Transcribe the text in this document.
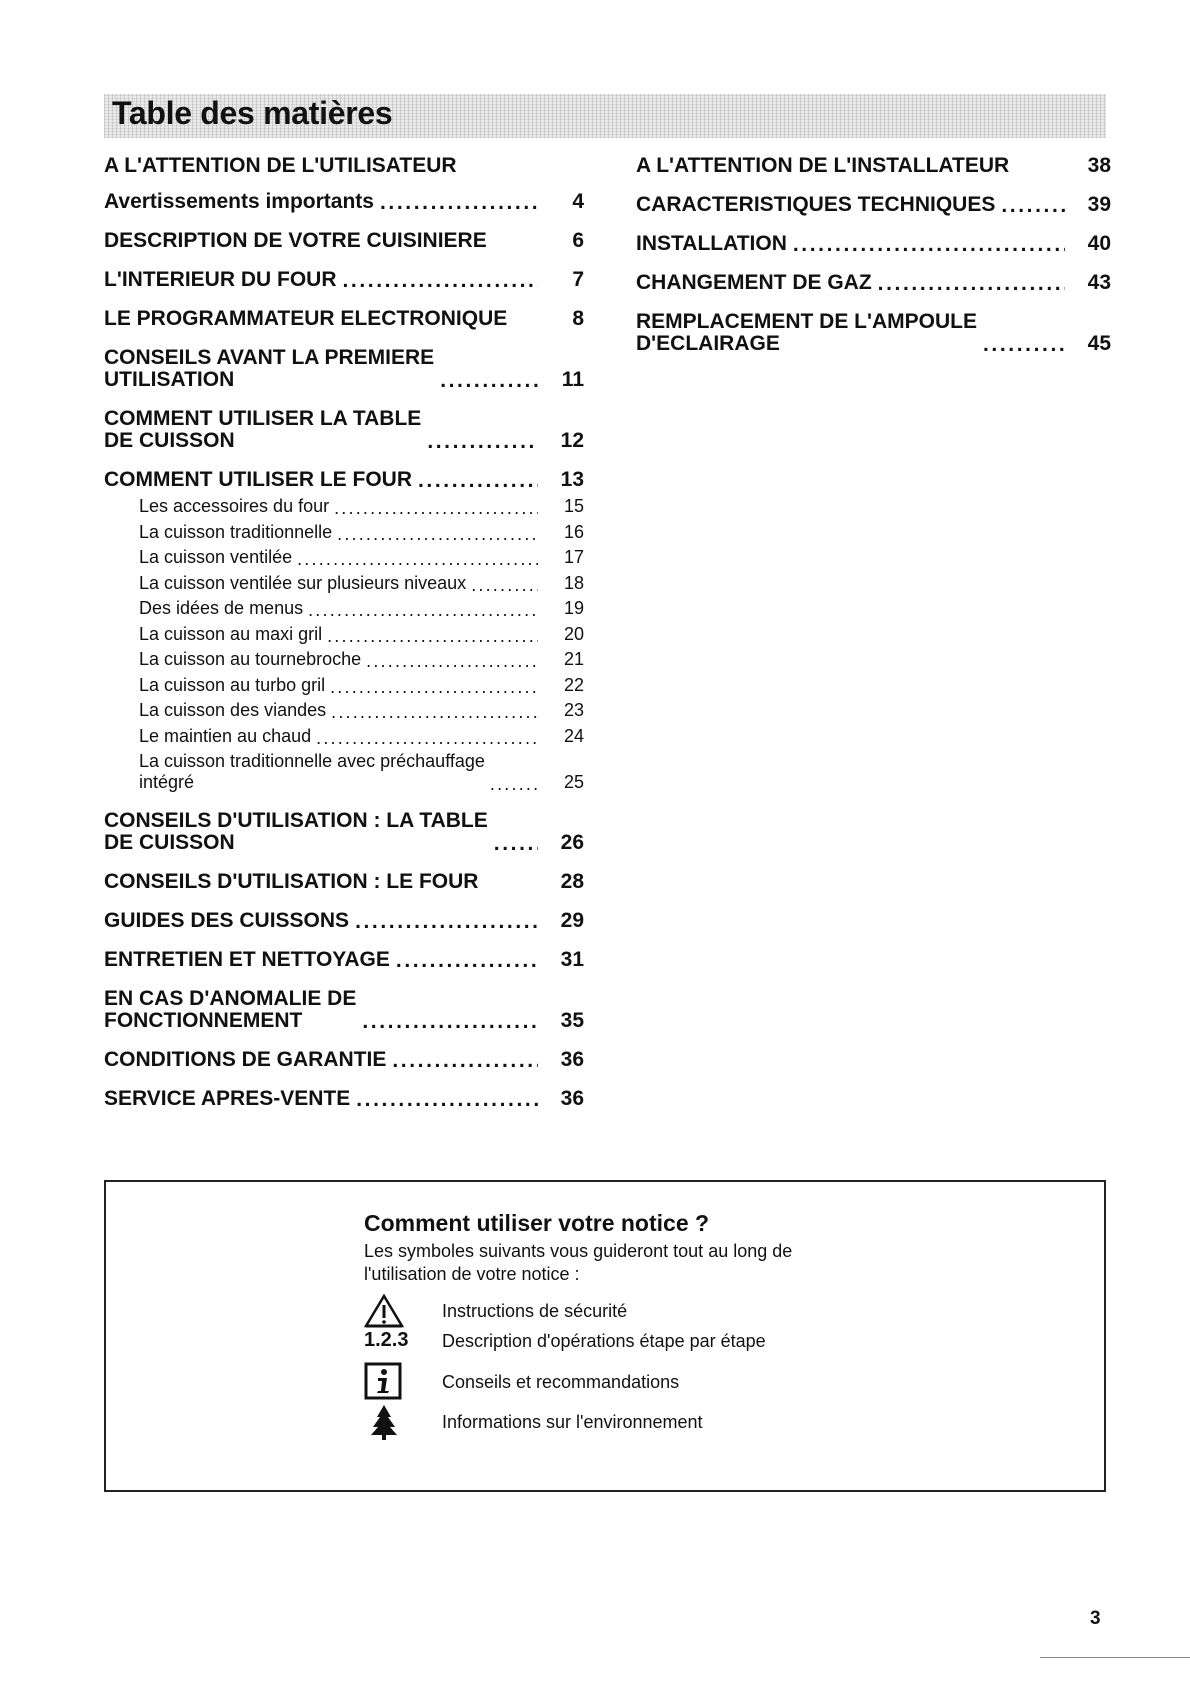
Table des matières
A L'ATTENTION DE L'UTILISATEUR
Avertissements importants .....	4
DESCRIPTION DE VOTRE CUISINIERE	6
L'INTERIEUR DU FOUR .....	7
LE PROGRAMMATEUR ELECTRONIQUE	8
CONSEILS AVANT LA PREMIERE
UTILISATION .....	11
COMMENT UTILISER LA TABLE
DE CUISSON .....	12
COMMENT UTILISER LE FOUR .....	13
Les accessoires du four .....	15
La cuisson traditionnelle .....	16
La cuisson ventilée .....	17
La cuisson ventilée sur plusieurs niveaux .....	18
Des idées de menus .....	19
La cuisson au maxi gril .....	20
La cuisson au tournebroche .....	21
La cuisson au turbo gril .....	22
La cuisson des viandes .....	23
Le maintien au chaud .....	24
La cuisson traditionnelle avec préchauffage
intégré .....	25
CONSEILS D'UTILISATION : LA TABLE
DE CUISSON .....	26
CONSEILS D'UTILISATION : LE FOUR	28
GUIDES DES CUISSONS .....	29
ENTRETIEN ET NETTOYAGE .....	31
EN CAS D'ANOMALIE DE
FONCTIONNEMENT .....	35
CONDITIONS DE GARANTIE .....	36
SERVICE APRES-VENTE .....	36
A L'ATTENTION DE L'INSTALLATEUR	38
CARACTERISTIQUES TECHNIQUES .....	39
INSTALLATION .....	40
CHANGEMENT DE GAZ .....	43
REMPLACEMENT DE L'AMPOULE
D'ECLAIRAGE .....	45
Comment utiliser votre notice ?
Les symboles suivants vous guideront tout au long de
l'utilisation de votre notice :
Instructions de sécurité
1.2.3	Description d'opérations étape par étape
Conseils et recommandations
Informations sur l'environnement
3
